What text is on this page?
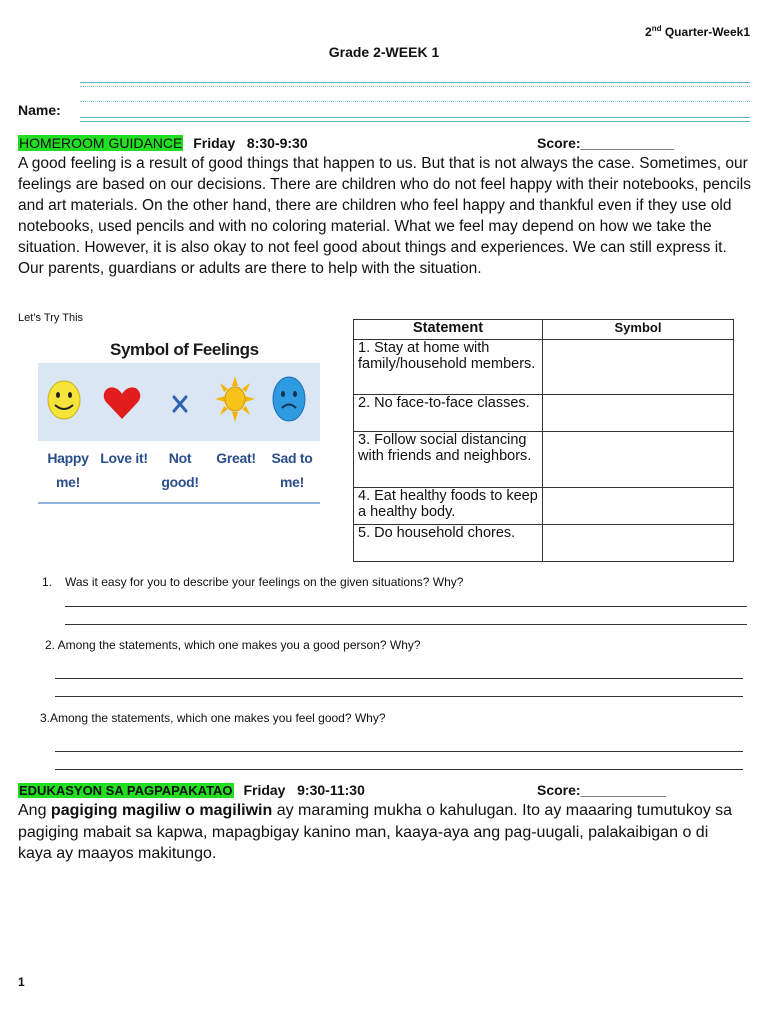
2nd Quarter-Week1
Grade 2-WEEK 1
Name:
HOMEROOM GUIDANCE Friday   8:30-9:30	Score:____________
A good feeling is a result of good things that happen to us. But that is not always the case. Sometimes, our feelings are based on our decisions. There are children who do not feel happy with their notebooks, pencils and art materials. On the other hand, there are children who feel happy and thankful even if they use old notebooks, used pencils and with no coloring material. What we feel may depend on how we take the situation. However, it is also okay to not feel good about things and experiences. We can still express it. Our parents, guardians or adults are there to help with the situation.
Let’s Try This
Symbol of Feelings
Happy
me!
Love it!	Not
good!
Great!	Sad to
me!
Statement	Symbol
1. Stay at home with family/household members.	
2. No face-to-face classes.	
3. Follow social distancing with friends and neighbors.	
4. Eat healthy foods to keep a healthy body.	
5. Do household chores.	
1. Was it easy for you to describe your feelings on the given situations? Why?
2. Among the statements, which one makes you a good person? Why?
3.Among the statements, which one makes you feel good? Why?
EDUKASYON SA PAGPAPAKATAO Friday   9:30-11:30	Score:___________
Ang pagiging magiliw o magiliwin ay maraming mukha o kahulugan. Ito ay maaaring tumutukoy sa pagiging mabait sa kapwa, mapagbigay kanino man, kaaya-aya ang pag-uugali, palakaibigan o di kaya ay maayos makitungo.
1
